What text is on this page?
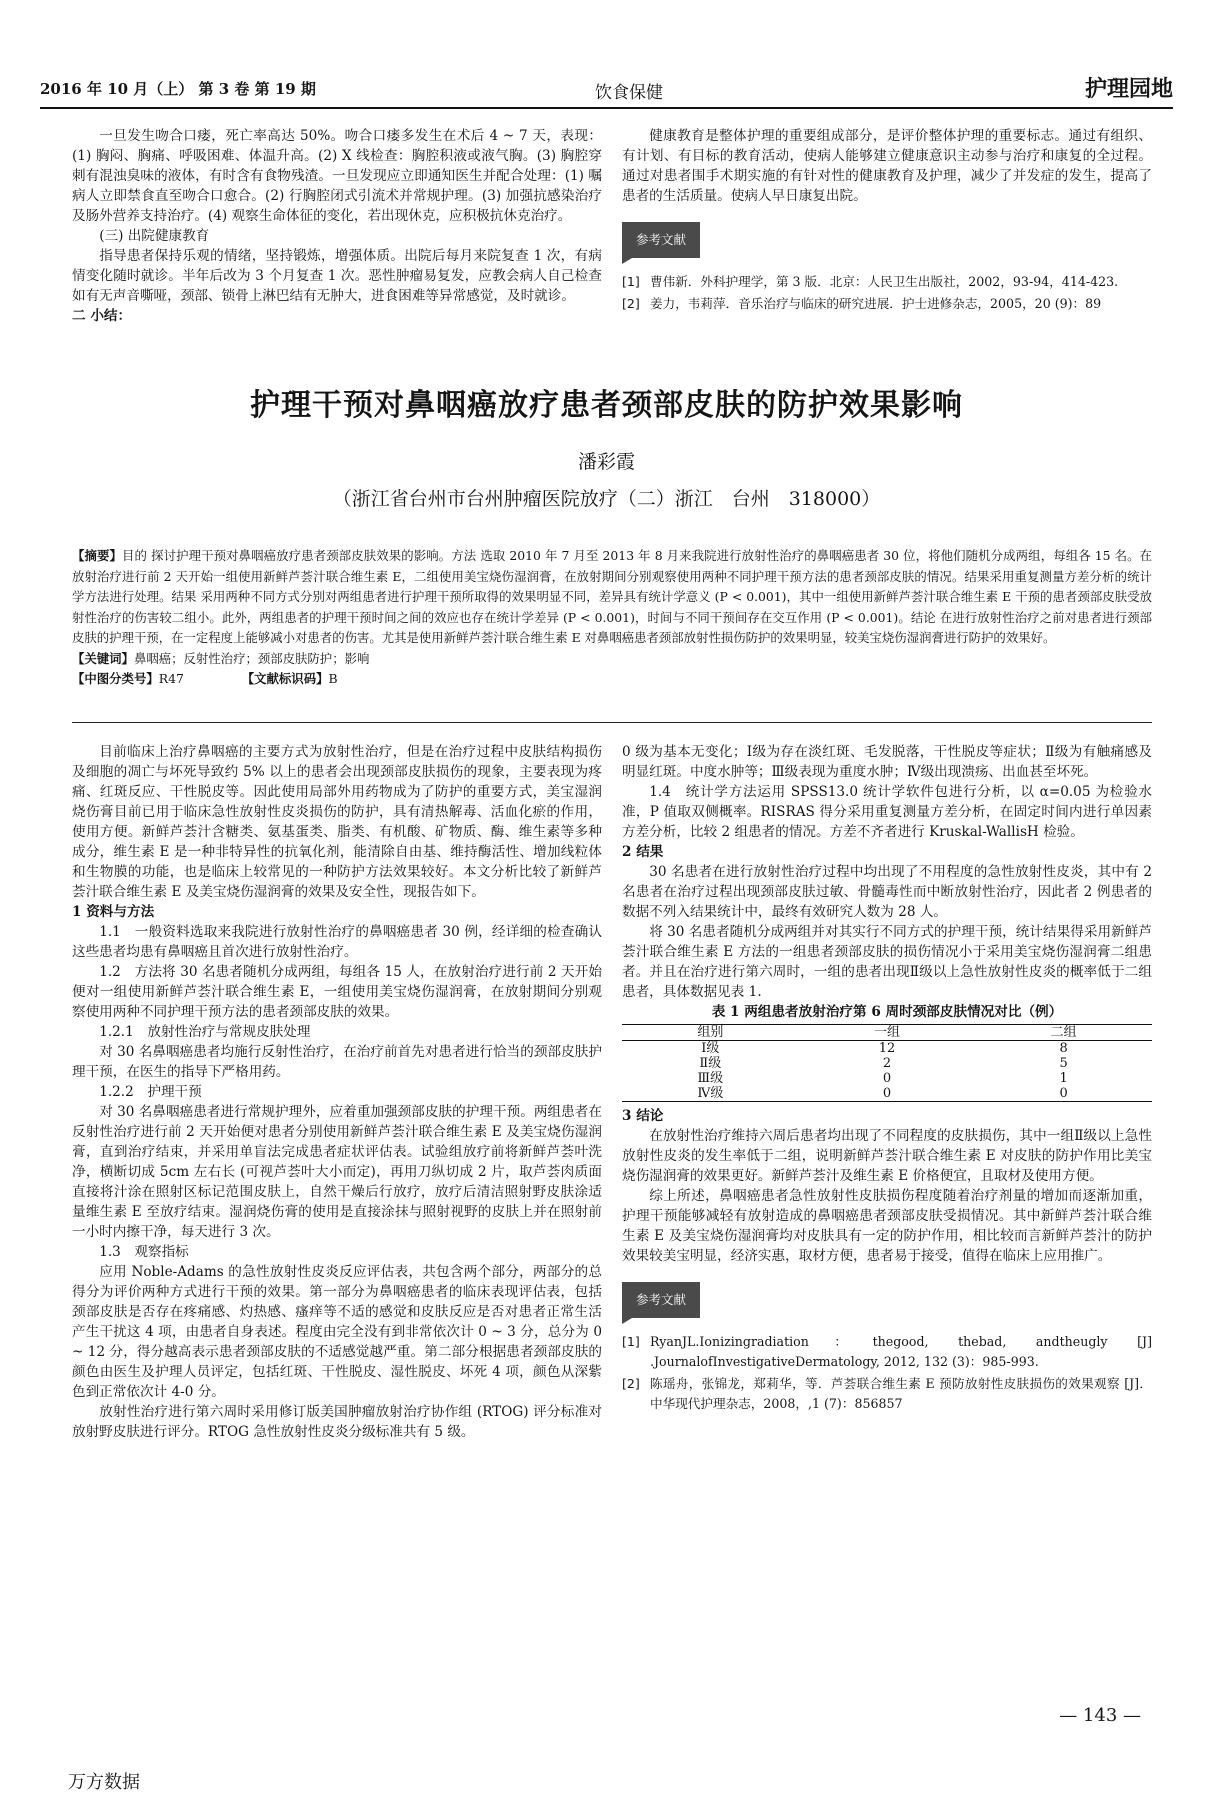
2016 年 10 月（上） 第 3 卷 第 19 期	饮食保健	护理园地

一旦发生吻合口瘘，死亡率高达 50%。吻合口瘘多发生在术后 4 ~ 7 天，表现：(1) 胸闷、胸痛、呼吸困难、体温升高。(2) X 线检查：胸腔积液或液气胸。(3) 胸腔穿刺有混浊臭味的液体，有时含有食物残渣。一旦发现应立即通知医生并配合处理：(1) 嘱病人立即禁食直至吻合口愈合。(2) 行胸腔闭式引流术并常规护理。(3) 加强抗感染治疗及肠外营养支持治疗。(4) 观察生命体征的变化，若出现休克，应积极抗休克治疗。

(三) 出院健康教育

指导患者保持乐观的情绪，坚持锻炼，增强体质。出院后每月来院复查 1 次，有病情变化随时就诊。半年后改为 3 个月复查 1 次。恶性肿瘤易复发，应教会病人自己检查如有无声音嘶哑，颈部、锁骨上淋巴结有无肿大，进食困难等异常感觉，及时就诊。

二 小结：

健康教育是整体护理的重要组成部分，是评价整体护理的重要标志。通过有组织、有计划、有目标的教育活动，使病人能够建立健康意识主动参与治疗和康复的全过程。通过对患者围手术期实施的有针对性的健康教育及护理，减少了并发症的发生，提高了患者的生活质量。使病人早日康复出院。

参考文献
[1] 曹伟新．外科护理学，第 3 版．北京：人民卫生出版社，2002，93-94，414-423.
[2] 姜力，韦莉萍．音乐治疗与临床的研究进展．护士进修杂志，2005，20 (9)：89
护理干预对鼻咽癌放疗患者颈部皮肤的防护效果影响
潘彩霞
（浙江省台州市台州肿瘤医院放疗（二）浙江　台州　318000）

【摘要】目的 探讨护理干预对鼻咽癌放疗患者颈部皮肤效果的影响。方法 选取 2010 年 7 月至 2013 年 8 月来我院进行放射性治疗的鼻咽癌患者 30 位，将他们随机分成两组，每组各 15 名。在放射治疗进行前 2 天开始一组使用新鲜芦荟汁联合维生素 E，二组使用美宝烧伤湿润膏，在放射期间分别观察使用两种不同护理干预方法的患者颈部皮肤的情况。结果采用重复测量方差分析的统计学方法进行处理。结果 采用两种不同方式分别对两组患者进行护理干预所取得的效果明显不同，差异具有统计学意义 (P < 0.001)，其中一组使用新鲜芦荟汁联合维生素 E 干预的患者颈部皮肤受放射性治疗的伤害较二组小。此外，两组患者的护理干预时间之间的效应也存在统计学差异 (P < 0.001)，时间与不同干预间存在交互作用 (P < 0.001)。结论 在进行放射性治疗之前对患者进行颈部皮肤的护理干预，在一定程度上能够减小对患者的伤害。尤其是使用新鲜芦荟汁联合维生素 E 对鼻咽癌患者颈部放射性损伤防护的效果明显，较美宝烧伤湿润膏进行防护的效果好。

【关键词】鼻咽癌；反射性治疗；颈部皮肤防护；影响

【中图分类号】R47	【文献标识码】B

目前临床上治疗鼻咽癌的主要方式为放射性治疗，但是在治疗过程中皮肤结构损伤及细胞的凋亡与坏死导致约 5% 以上的患者会出现颈部皮肤损伤的现象，主要表现为疼痛、红斑反应、干性脱皮等。因此使用局部外用药物成为了防护的重要方式，美宝湿润烧伤膏目前已用于临床急性放射性皮炎损伤的防护，具有清热解毒、活血化瘀的作用，使用方便。新鲜芦荟汁含糖类、氨基蛋类、脂类、有机酸、矿物质、酶、维生素等多种成分，维生素 E 是一种非特异性的抗氧化剂，能清除自由基、维持酶活性、增加线粒体和生物膜的功能，也是临床上较常见的一种防护方法效果较好。本文分析比较了新鲜芦荟汁联合维生素 E 及美宝烧伤湿润膏的效果及安全性，现报告如下。

1 资料与方法

1.1　一般资料选取来我院进行放射性治疗的鼻咽癌患者 30 例，经详细的检查确认这些患者均患有鼻咽癌且首次进行放射性治疗。

1.2　方法将 30 名患者随机分成两组，每组各 15 人，在放射治疗进行前 2 天开始便对一组使用新鲜芦荟汁联合维生素 E，一组使用美宝烧伤湿润膏，在放射期间分别观察使用两种不同护理干预方法的患者颈部皮肤的效果。

1.2.1　放射性治疗与常规皮肤处理

对 30 名鼻咽癌患者均施行反射性治疗，在治疗前首先对患者进行恰当的颈部皮肤护理干预，在医生的指导下严格用药。

1.2.2　护理干预

对 30 名鼻咽癌患者进行常规护理外，应着重加强颈部皮肤的护理干预。两组患者在反射性治疗进行前 2 天开始便对患者分别使用新鲜芦荟汁联合维生素 E 及美宝烧伤湿润膏，直到治疗结束，并采用单盲法完成患者症状评估表。试验组放疗前将新鲜芦荟叶洗净，横断切成 5cm 左右长 (可视芦荟叶大小而定)，再用刀纵切成 2 片，取芦荟肉质面直接将汁涂在照射区标记范围皮肤上，自然干燥后行放疗，放疗后清洁照射野皮肤涂适量维生素 E 至放疗结束。湿润烧伤膏的使用是直接涂抹与照射视野的皮肤上并在照射前一小时内擦干净，每天进行 3 次。

1.3　观察指标

应用 Noble-Adams 的急性放射性皮炎反应评估表，共包含两个部分，两部分的总得分为评价两种方式进行干预的效果。第一部分为鼻咽癌患者的临床表现评估表，包括颈部皮肤是否存在疼痛感、灼热感、瘙痒等不适的感觉和皮肤反应是否对患者正常生活产生干扰这 4 项，由患者自身表述。程度由完全没有到非常依次计 0 ~ 3 分，总分为 0 ~ 12 分，得分越高表示患者颈部皮肤的不适感觉越严重。第二部分根据患者颈部皮肤的颜色由医生及护理人员评定，包括红斑、干性脱皮、湿性脱皮、坏死 4 项，颜色从深紫色到正常依次计 4-0 分。

放射性治疗进行第六周时采用修订版美国肿瘤放射治疗协作组 (RTOG) 评分标准对放射野皮肤进行评分。RTOG 急性放射性皮炎分级标准共有 5 级。

0 级为基本无变化；Ⅰ级为存在淡红斑、毛发脱落，干性脱皮等症状；Ⅱ级为有触痛感及明显红斑。中度水肿等；Ⅲ级表现为重度水肿；Ⅳ级出现溃疡、出血甚至坏死。

1.4　统计学方法运用 SPSS13.0 统计学软件包进行分析，以 α=0.05 为检验水准，P 值取双侧概率。RISRAS 得分采用重复测量方差分析，在固定时间内进行单因素方差分析，比较 2 组患者的情况。方差不齐者进行 Kruskal-WallisH 检验。

2 结果

30 名患者在进行放射性治疗过程中均出现了不用程度的急性放射性皮炎，其中有 2 名患者在治疗过程出现颈部皮肤过敏、骨髓毒性而中断放射性治疗，因此者 2 例患者的数据不列入结果统计中，最终有效研究人数为 28 人。

将 30 名患者随机分成两组并对其实行不同方式的护理干预，统计结果得采用新鲜芦荟汁联合维生素 E 方法的一组患者颈部皮肤的损伤情况小于采用美宝烧伤湿润膏二组患者。并且在治疗进行第六周时，一组的患者出现Ⅱ级以上急性放射性皮炎的概率低于二组患者，具体数据见表 1.

表 1 两组患者放射治疗第 6 周时颈部皮肤情况对比（例）
组别	一组	二组
Ⅰ级	12	8
Ⅱ级	2	5
Ⅲ级	0	1
Ⅳ级	0	0

3 结论

在放射性治疗维持六周后患者均出现了不同程度的皮肤损伤，其中一组Ⅱ级以上急性放射性皮炎的发生率低于二组，说明新鲜芦荟汁联合维生素 E 对皮肤的防护作用比美宝烧伤湿润膏的效果更好。新鲜芦荟汁及维生素 E 价格便宜，且取材及使用方便。

综上所述，鼻咽癌患者急性放射性皮肤损伤程度随着治疗剂量的增加而逐渐加重，护理干预能够减轻有放射造成的鼻咽癌患者颈部皮肤受损情况。其中新鲜芦荟汁联合维生素 E 及美宝烧伤湿润膏均对皮肤具有一定的防护作用，相比较而言新鲜芦荟汁的防护效果较美宝明显，经济实惠，取材方便，患者易于接受，值得在临床上应用推广。

参考文献
[1] RyanJL.Ionizingradiation：thegood, thebad, andtheugly [J] .JournalofInvestigativeDermatology, 2012, 132 (3)：985-993.
[2] 陈瑶舟，张锦龙，郑莉华，等．芦荟联合维生素 E 预防放射性皮肤损伤的效果观察 [J]．中华现代护理杂志，2008，,1 (7)：856857
— 143 —
万方数据
